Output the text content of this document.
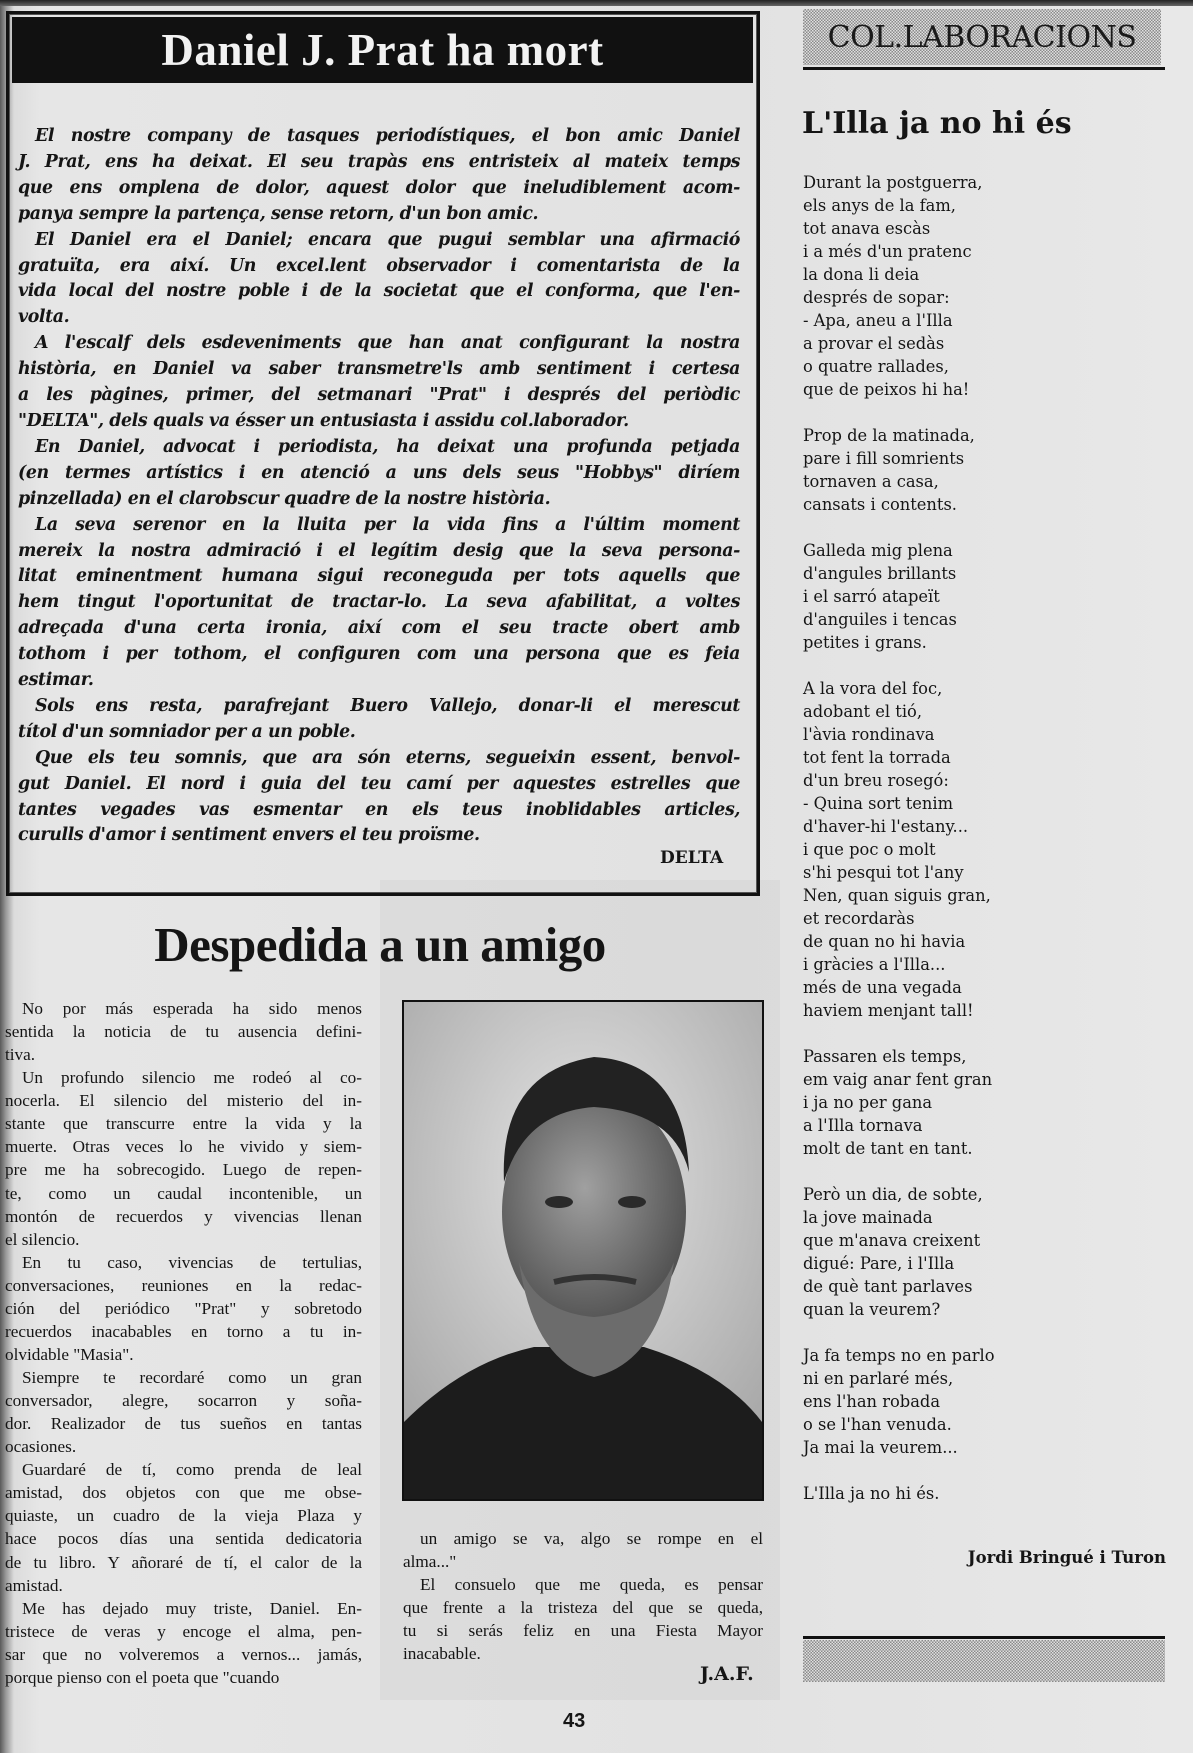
Daniel J. Prat ha mort
El nostre company de tasques periodístiques, el bon amic Daniel
J. Prat, ens ha deixat. El seu trapàs ens entristeix al mateix temps
que ens omplena de dolor, aquest dolor que ineludiblement acom-
panya sempre la partença, sense retorn, d'un bon amic.
El Daniel era el Daniel; encara que pugui semblar una afirmació
gratuïta, era així. Un excel.lent observador i comentarista de la
vida local del nostre poble i de la societat que el conforma, que l'en-
volta.
A l'escalf dels esdeveniments que han anat configurant la nostra
història, en Daniel va saber transmetre'ls amb sentiment i certesa
a les pàgines, primer, del setmanari "Prat" i després del periòdic
"DELTA", dels quals va ésser un entusiasta i assidu col.laborador.
En Daniel, advocat i periodista, ha deixat una profunda petjada
(en termes artístics i en atenció a uns dels seus "Hobbys" diríem
pinzellada) en el clarobscur quadre de la nostre història.
La seva serenor en la lluita per la vida fins a l'últim moment
mereix la nostra admiració i el legítim desig que la seva persona-
litat eminentment humana sigui reconeguda per tots aquells que
hem tingut l'oportunitat de tractar-lo. La seva afabilitat, a voltes
adreçada d'una certa ironia, així com el seu tracte obert amb
tothom i per tothom, el configuren com una persona que es feia
estimar.
Sols ens resta, parafrejant Buero Vallejo, donar-li el merescut
títol d'un somniador per a un poble.
Que els teu somnis, que ara són eterns, segueixin essent, benvol-
gut Daniel. El nord i guia del teu camí per aquestes estrelles que
tantes vegades vas esmentar en els teus inoblidables articles,
curulls d'amor i sentiment envers el teu proïsme.
DELTA
Despedida a un amigo
No por más esperada ha sido menos
sentida la noticia de tu ausencia defini-
tiva.
Un profundo silencio me rodeó al co-
nocerla. El silencio del misterio del in-
stante que transcurre entre la vida y la
muerte. Otras veces lo he vivido y siem-
pre me ha sobrecogido. Luego de repen-
te, como un caudal incontenible, un
montón de recuerdos y vivencias llenan
el silencio.
En tu caso, vivencias de tertulias,
conversaciones, reuniones en la redac-
ción del periódico "Prat" y sobretodo
recuerdos inacabables en torno a tu in-
olvidable "Masia".
Siempre te recordaré como un gran
conversador, alegre, socarron y soña-
dor. Realizador de tus sueños en tantas
ocasiones.
Guardaré de tí, como prenda de leal
amistad, dos objetos con que me obse-
quiaste, un cuadro de la vieja Plaza y
hace pocos días una sentida dedicatoria
de tu libro. Y añoraré de tí, el calor de la
amistad.
Me has dejado muy triste, Daniel. En-
tristece de veras y encoge el alma, pen-
sar que no volveremos a vernos... jamás,
porque pienso con el poeta que "cuando
un amigo se va, algo se rompe en el
alma..."
El consuelo que me queda, es pensar
que frente a la tristeza del que se queda,
tu si serás feliz en una Fiesta Mayor
inacabable.
J.A.F.
COL.LABORACIONS
L'Illa ja no hi és
Durant la postguerra,
els anys de la fam,
tot anava escàs
i a més d'un pratenc
la dona li deia
després de sopar:
- Apa, aneu a l'Illa
a provar el sedàs
o quatre rallades,
que de peixos hi ha!
Prop de la matinada,
pare i fill somrients
tornaven a casa,
cansats i contents.
Galleda mig plena
d'angules brillants
i el sarró atapeït
d'anguiles i tencas
petites i grans.
A la vora del foc,
adobant el tió,
l'àvia rondinava
tot fent la torrada
d'un breu rosegó:
- Quina sort tenim
d'haver-hi l'estany...
i que poc o molt
s'hi pesqui tot l'any
Nen, quan siguis gran,
et recordaràs
de quan no hi havia
i gràcies a l'Illa...
més de una vegada
haviem menjant tall!
Passaren els temps,
em vaig anar fent gran
i ja no per gana
a l'Illa tornava
molt de tant en tant.
Però un dia, de sobte,
la jove mainada
que m'anava creixent
digué: Pare, i l'Illa
de què tant parlaves
quan la veurem?
Ja fa temps no en parlo
ni en parlaré més,
ens l'han robada
o se l'han venuda.
Ja mai la veurem...
L'Illa ja no hi és.
Jordi Bringué i Turon
43
